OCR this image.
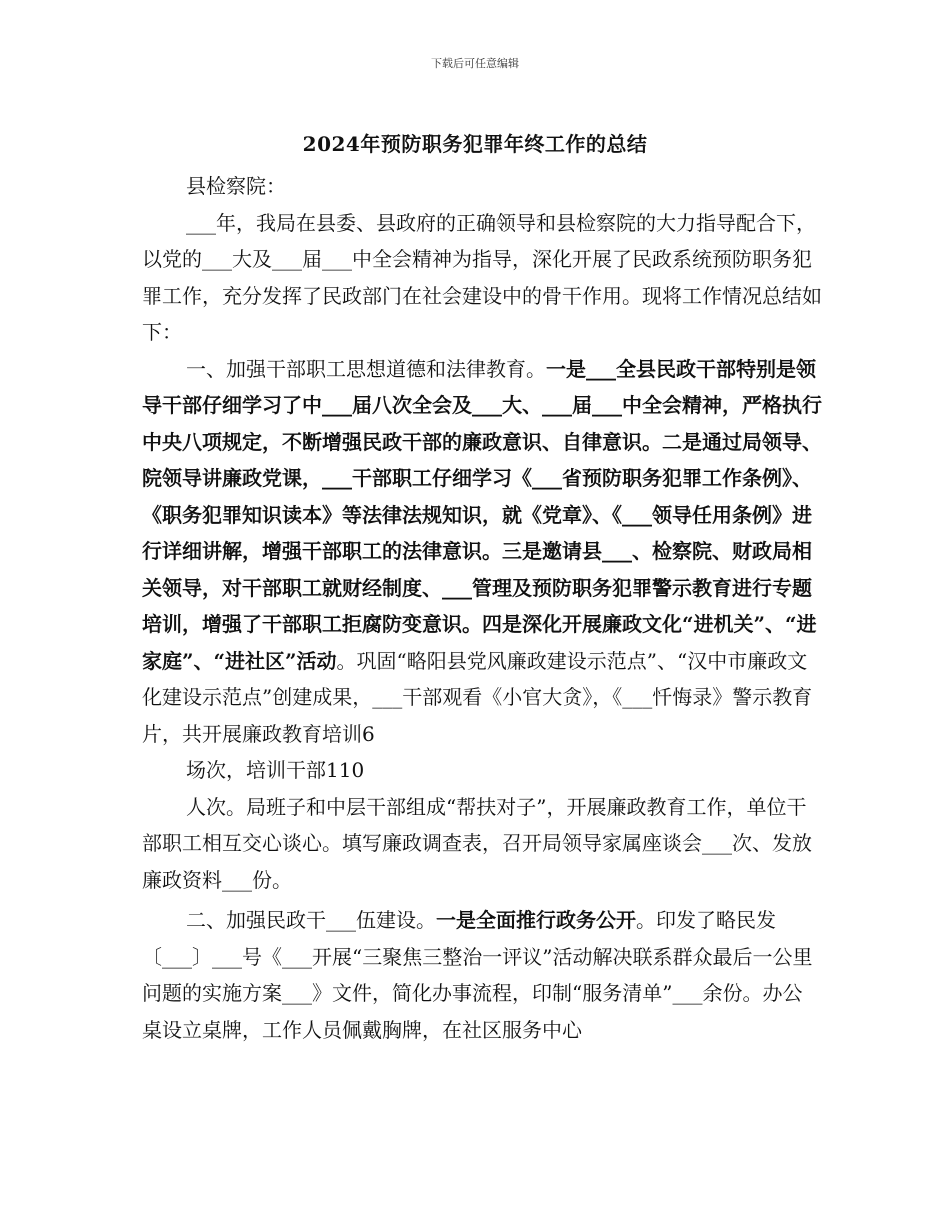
下载后可任意编辑
2024年预防职务犯罪年终工作的总结

县检察院：

___年，我局在县委、县政府的正确领导和县检察院的大力指导配合下，以党的___大及___届___中全会精神为指导，深化开展了民政系统预防职务犯罪工作，充分发挥了民政部门在社会建设中的骨干作用。现将工作情况总结如下：

一、加强干部职工思想道德和法律教育。一是___全县民政干部特别是领导干部仔细学习了中___届八次全会及___大、___届___中全会精神，严格执行中央八项规定，不断增强民政干部的廉政意识、自律意识。二是通过局领导、院领导讲廉政党课，___干部职工仔细学习《___省预防职务犯罪工作条例》、《职务犯罪知识读本》等法律法规知识，就《党章》、《___领导任用条例》进行详细讲解，增强干部职工的法律意识。三是邀请县___、检察院、财政局相关领导，对干部职工就财经制度、___管理及预防职务犯罪警示教育进行专题培训，增强了干部职工拒腐防变意识。四是深化开展廉政文化“进机关”、“进家庭”、“进社区”活动。巩固“略阳县党风廉政建设示范点”、“汉中市廉政文化建设示范点”创建成果，___干部观看《小官大贪》，《___忏悔录》警示教育片，共开展廉政教育培训6

场次，培训干部110

人次。局班子和中层干部组成“帮扶对子”，开展廉政教育工作，单位干部职工相互交心谈心。填写廉政调查表，召开局领导家属座谈会___次、发放廉政资料___份。

二、加强民政干___伍建设。一是全面推行政务公开。印发了略民发〔___〕___号《___开展“三聚焦三整治一评议”活动解决联系群众最后一公里问题的实施方案___》文件，简化办事流程，印制“服务清单”___余份。办公桌设立桌牌，工作人员佩戴胸牌，在社区服务中心
